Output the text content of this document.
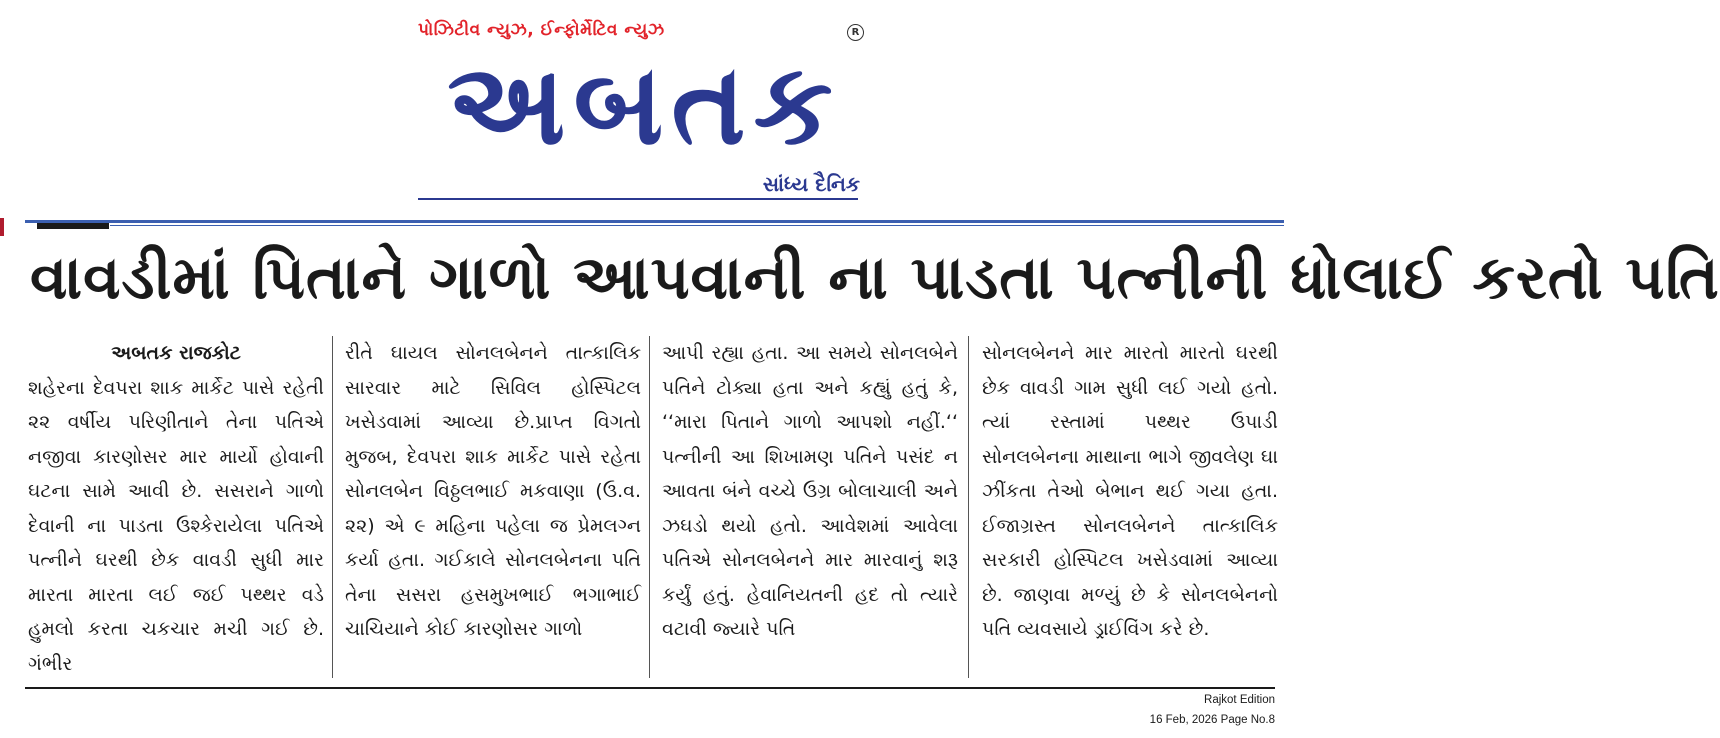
પોઝિટીવ ન્યુઝ, ઈન્ફોર્મેટિવ ન્યુઝ	R
અબતક
સાંધ્ય દૈનિક
વાવડીમાં પિતાને ગાળો આપવાની ના પાડતા પત્નીની ધોલાઈ કરતો પતિ
અબતક રાજકોટ
શહેરના દેવપરા શાક માર્કેટ પાસે રહેતી ૨૨ વર્ષીય પરિણીતાને તેના પતિએ નજીવા કારણોસર માર માર્યો હોવાની ઘટના સામે આવી છે. સસરાને ગાળો દેવાની ના પાડતા ઉશ્કેરાયેલા પતિએ પત્નીને ઘરથી છેક વાવડી સુધી માર મારતા મારતા લઈ જઈ પથ્થર વડે હુમલો કરતા ચકચાર મચી ગઈ છે. ગંભીર
રીતે ઘાયલ સોનલબેનને તાત્કાલિક સારવાર માટે સિવિલ હોસ્પિટલ ખસેડવામાં આવ્યા છે.પ્રાપ્ત વિગતો મુજબ, દેવપરા શાક માર્કેટ પાસે રહેતા સોનલબેન વિઠ્ઠલભાઈ મકવાણા (ઉ.વ. ૨૨) એ ૯ મહિના પહેલા જ પ્રેમલગ્ન કર્યા હતા. ગઈકાલે સોનલબેનના પતિ તેના સસરા હસમુખભાઈ ભગાભાઈ ચાચિયાને કોઈ કારણોસર ગાળો
આપી રહ્યા હતા. આ સમયે સોનલબેને પતિને ટોક્યા હતા અને કહ્યું હતું કે, ‘‘મારા પિતાને ગાળો આપશો નહીં.‘‘ પત્નીની આ શિખામણ પતિને પસંદ ન આવતા બંને વચ્ચે ઉગ્ર બોલાચાલી અને ઝઘડો થયો હતો. આવેશમાં આવેલા પતિએ સોનલબેનને માર મારવાનું શરૂ કર્યું હતું. હેવાનિયતની હદ તો ત્યારે વટાવી જ્યારે પતિ
સોનલબેનને માર મારતો મારતો ઘરથી છેક વાવડી ગામ સુધી લઈ ગયો હતો. ત્યાં રસ્તામાં પથ્થર ઉપાડી સોનલબેનના માથાના ભાગે જીવલેણ ઘા ઝીંકતા તેઓ બેભાન થઈ ગયા હતા. ઈજાગ્રસ્ત સોનલબેનને તાત્કાલિક સરકારી હોસ્પિટલ ખસેડવામાં આવ્યા છે. જાણવા મળ્યું છે કે સોનલબેનનો પતિ વ્યવસાયે ડ્રાઈવિંગ કરે છે.
Rajkot Edition
16 Feb, 2026 Page No.8
